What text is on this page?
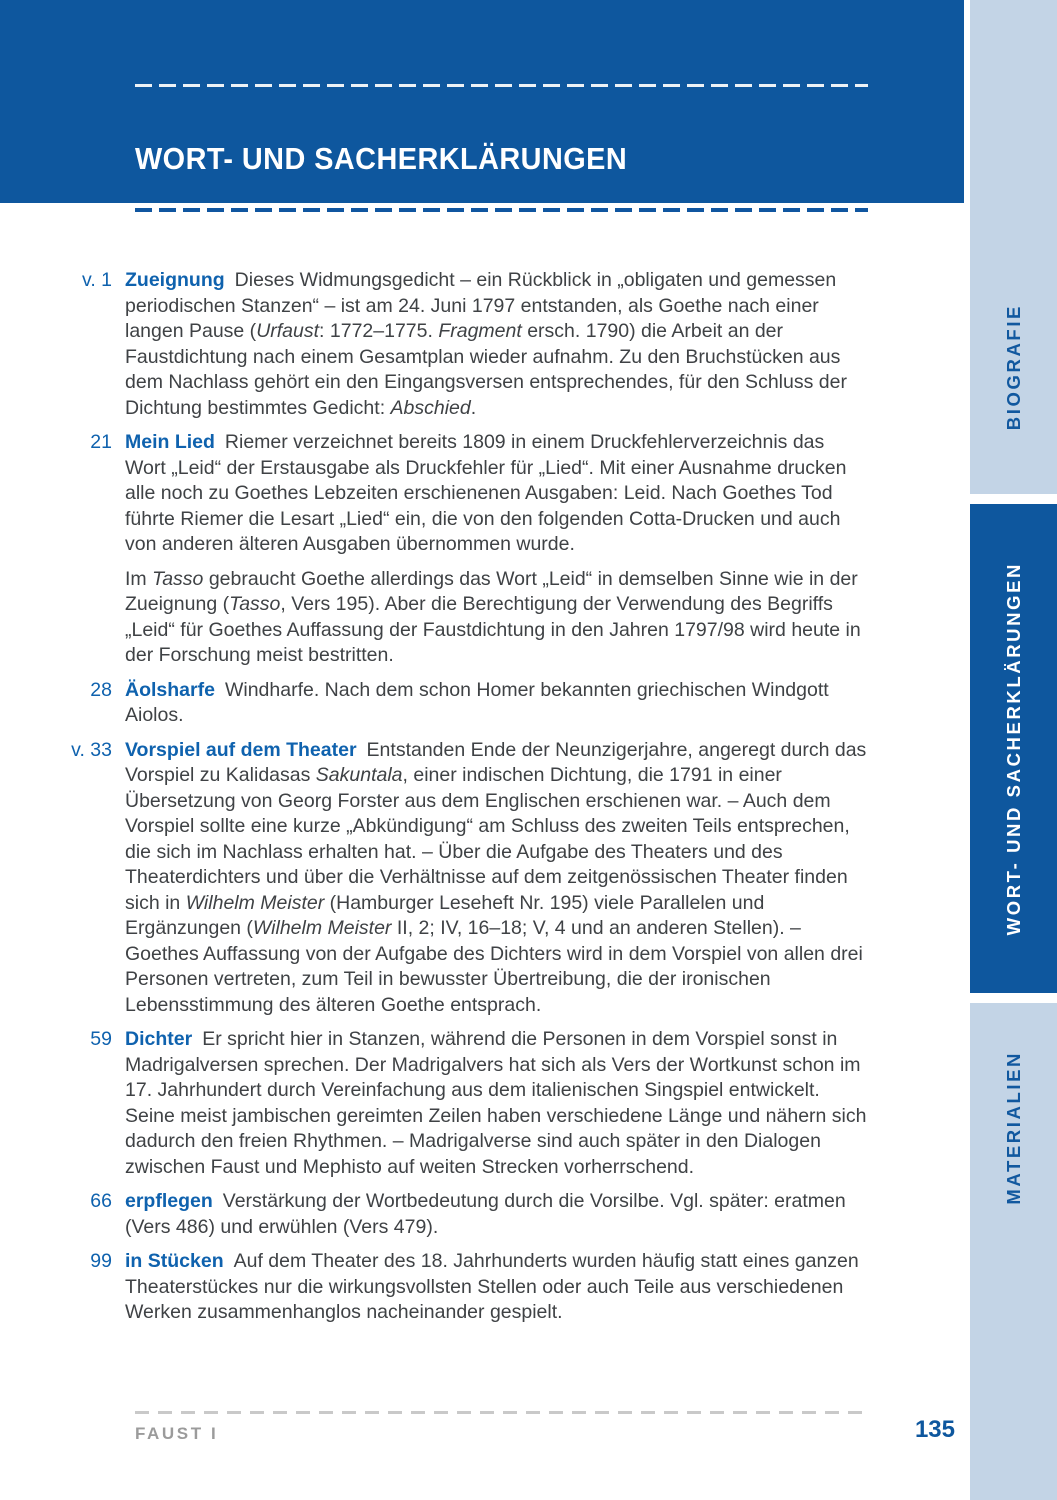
BIOGRAFIE
WORT- UND SACHERKLÄRUNGEN
MATERIALIEN
WORT- UND SACHERKLÄRUNGEN
v. 1 Zueignung Dieses Widmungsgedicht – ein Rückblick in „obligaten und gemessen periodischen Stanzen“ – ist am 24. Juni 1797 entstanden, als Goethe nach einer langen Pause (Urfaust: 1772–1775. Fragment ersch. 1790) die Arbeit an der Faustdichtung nach einem Gesamtplan wieder aufnahm. Zu den Bruchstücken aus dem Nachlass gehört ein den Eingangsversen entsprechendes, für den Schluss der Dichtung bestimmtes Gedicht: Abschied.

21 Mein Lied Riemer verzeichnet bereits 1809 in einem Druckfehlerverzeichnis das Wort „Leid“ der Erstausgabe als Druckfehler für „Lied“. Mit einer Ausnahme drucken alle noch zu Goethes Lebzeiten erschienenen Ausgaben: Leid. Nach Goethes Tod führte Riemer die Lesart „Lied“ ein, die von den folgenden Cotta-Drucken und auch von anderen älteren Ausgaben übernommen wurde.

Im Tasso gebraucht Goethe allerdings das Wort „Leid“ in demselben Sinne wie in der Zueignung (Tasso, Vers 195). Aber die Berechtigung der Verwendung des Begriffs „Leid“ für Goethes Auffassung der Faustdichtung in den Jahren 1797/98 wird heute in der Forschung meist bestritten.

28 Äolsharfe Windharfe. Nach dem schon Homer bekannten griechischen Windgott Aiolos.

v. 33 Vorspiel auf dem Theater Entstanden Ende der Neunzigerjahre, angeregt durch das Vorspiel zu Kalidasas Sakuntala, einer indischen Dichtung, die 1791 in einer Übersetzung von Georg Forster aus dem Englischen erschienen war. – Auch dem Vorspiel sollte eine kurze „Abkündigung“ am Schluss des zweiten Teils entsprechen, die sich im Nachlass erhalten hat. – Über die Aufgabe des Theaters und des Theaterdichters und über die Verhältnisse auf dem zeitgenössischen Theater finden sich in Wilhelm Meister (Hamburger Leseheft Nr. 195) viele Parallelen und Ergänzungen (Wilhelm Meister II, 2; IV, 16–18; V, 4 und an anderen Stellen). – Goethes Auffassung von der Aufgabe des Dichters wird in dem Vorspiel von allen drei Personen vertreten, zum Teil in bewusster Übertreibung, die der ironischen Lebensstimmung des älteren Goethe entsprach.

59 Dichter Er spricht hier in Stanzen, während die Personen in dem Vorspiel sonst in Madrigalversen sprechen. Der Madrigalvers hat sich als Vers der Wortkunst schon im 17. Jahrhundert durch Vereinfachung aus dem italienischen Singspiel entwickelt. Seine meist jambischen gereimten Zeilen haben verschiedene Länge und nähern sich dadurch den freien Rhythmen. – Madrigalverse sind auch später in den Dialogen zwischen Faust und Mephisto auf weiten Strecken vorherrschend.

66 erpflegen Verstärkung der Wortbedeutung durch die Vorsilbe. Vgl. später: eratmen (Vers 486) und erwühlen (Vers 479).

99 in Stücken Auf dem Theater des 18. Jahrhunderts wurden häufig statt eines ganzen Theaterstückes nur die wirkungsvollsten Stellen oder auch Teile aus verschiedenen Werken zusammenhanglos nacheinander gespielt.

FAUST I	135
